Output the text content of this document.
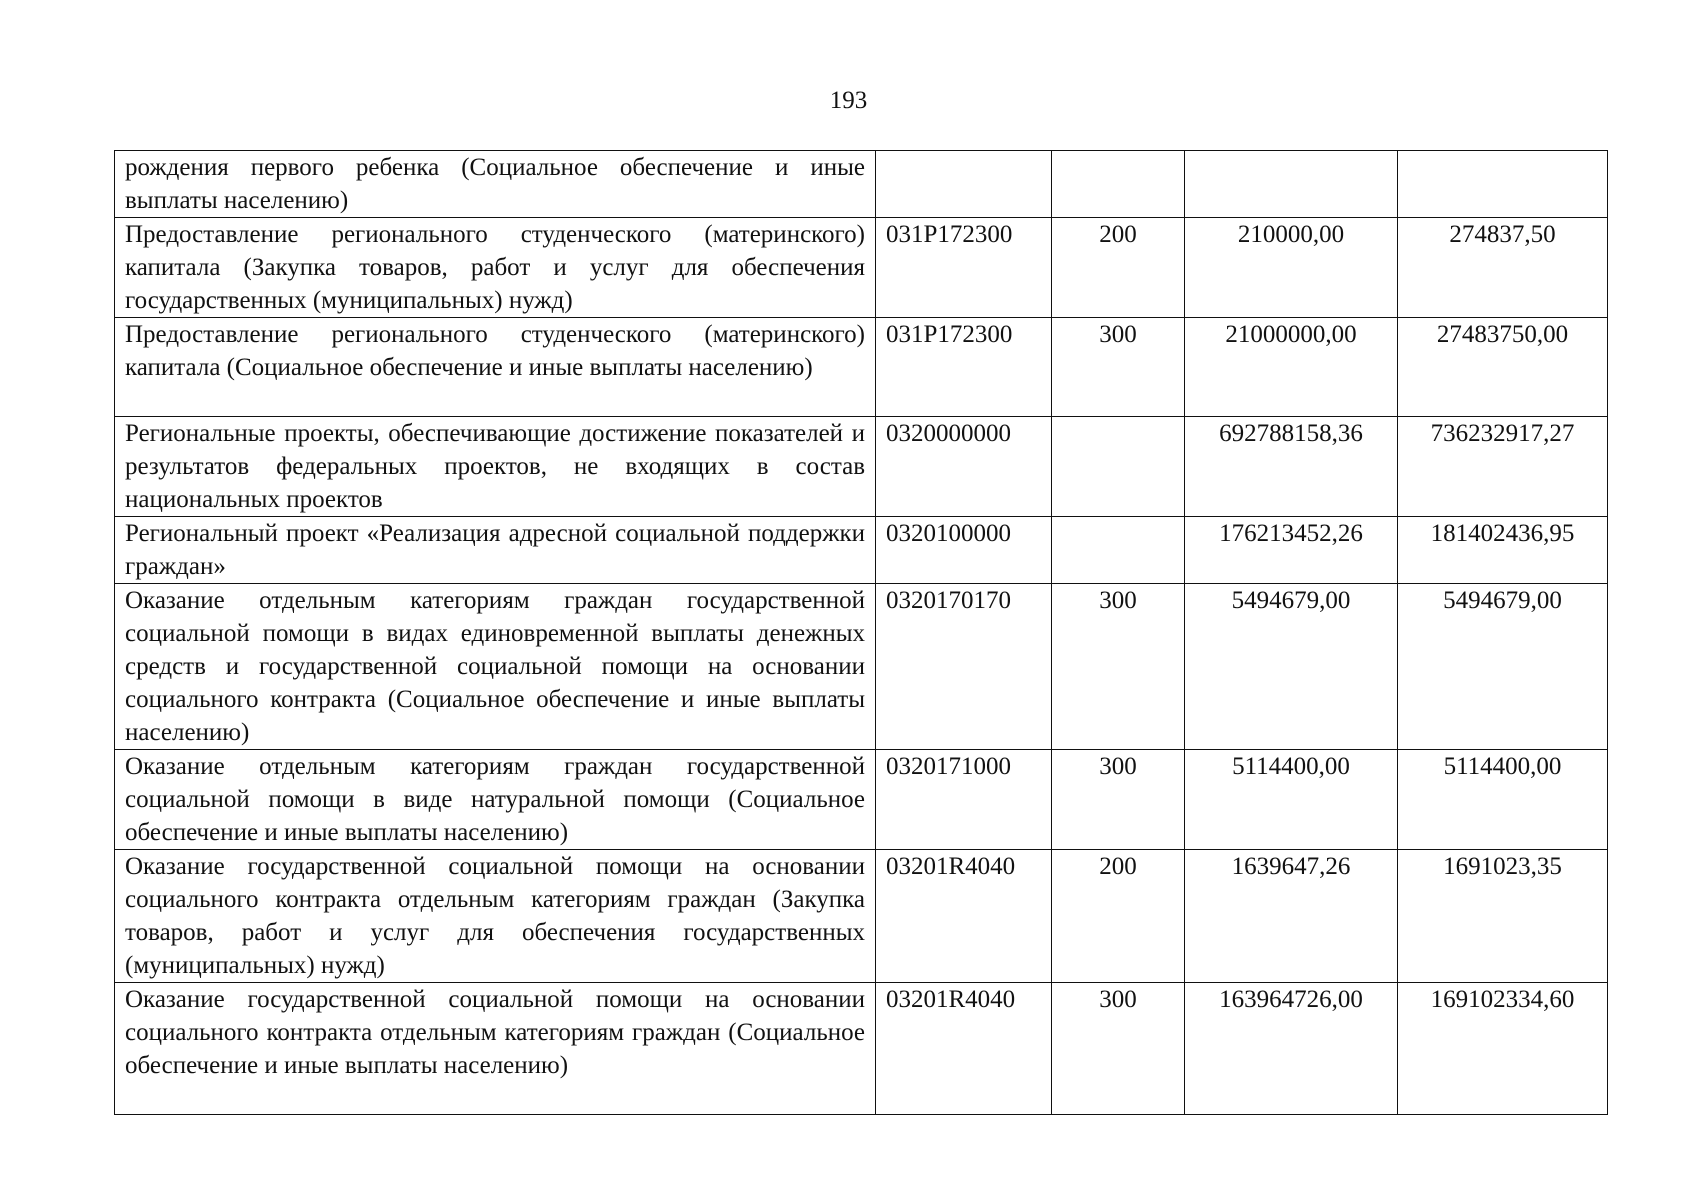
193
рождения первого ребенка (Социальное обеспечение и иные выплаты населению)				
Предоставление регионального студенческого (материнского) капитала (Закупка товаров, работ и услуг для обеспечения государственных (муниципальных) нужд)	031P172300	200	210000,00	274837,50
Предоставление регионального студенческого (материнского) капитала (Социальное обеспечение и иные выплаты населению)	031P172300	300	21000000,00	27483750,00
Региональные проекты, обеспечивающие достижение показателей и результатов федеральных проектов, не входящих в состав национальных проектов	0320000000		692788158,36	736232917,27
Региональный проект «Реализация адресной социальной поддержки граждан»	0320100000		176213452,26	181402436,95
Оказание отдельным категориям граждан государственной социальной помощи в видах единовременной выплаты денежных средств и государственной социальной помощи на основании социального контракта (Социальное обеспечение и иные выплаты населению)	0320170170	300	5494679,00	5494679,00
Оказание отдельным категориям граждан государственной социальной помощи в виде натуральной помощи (Социальное обеспечение и иные выплаты населению)	0320171000	300	5114400,00	5114400,00
Оказание государственной социальной помощи на основании социального контракта отдельным категориям граждан (Закупка товаров, работ и услуг для обеспечения государственных (муниципальных) нужд)	03201R4040	200	1639647,26	1691023,35
Оказание государственной социальной помощи на основании социального контракта отдельным категориям граждан (Социальное обеспечение и иные выплаты населению)	03201R4040	300	163964726,00	169102334,60
